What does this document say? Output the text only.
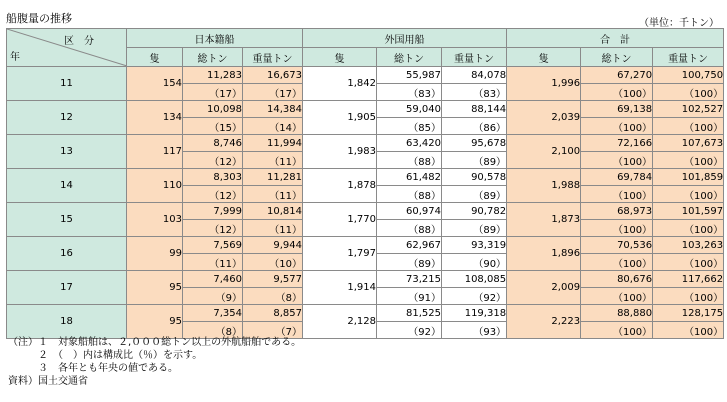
船腹量の推移	（単位：千トン）
区分
年	日本籍船			外国用船			合　計		
	隻	総トン	重量トン	隻	総トン	重量トン	隻	総トン	重量トン
11	154	11,283	16,673	1,842	55,987	84,078	1,996	67,270	100,750
		（17）	（17）		（83）	（83）		（100）	（100）
12	134	10,098	14,384	1,905	59,040	88,144	2,039	69,138	102,527
		（15）	（14）		（85）	（86）		（100）	（100）
13	117	8,746	11,994	1,983	63,420	95,678	2,100	72,166	107,673
		（12）	（11）		（88）	（89）		（100）	（100）
14	110	8,303	11,281	1,878	61,482	90,578	1,988	69,784	101,859
		（12）	（11）		（88）	（89）		（100）	（100）
15	103	7,999	10,814	1,770	60,974	90,782	1,873	68,973	101,597
		（12）	（11）		（88）	（89）		（100）	（100）
16	99	7,569	9,944	1,797	62,967	93,319	1,896	70,536	103,263
		（11）	（10）		（89）	（90）		（100）	（100）
17	95	7,460	9,577	1,914	73,215	108,085	2,009	80,676	117,662
		（9）	（8）		（91）	（92）		（100）	（100）
18	95	7,354	8,857	2,128	81,525	119,318	2,223	88,880	128,175
		（8）	（7）		（92）	（93）		（100）	（100）
（注）１　対象船舶は、２,０００総トン以上の外航船舶である。
　　　２　（　）内は構成比（％）を示す。
　　　３　各年とも年央の値である。
資料）国土交通省
